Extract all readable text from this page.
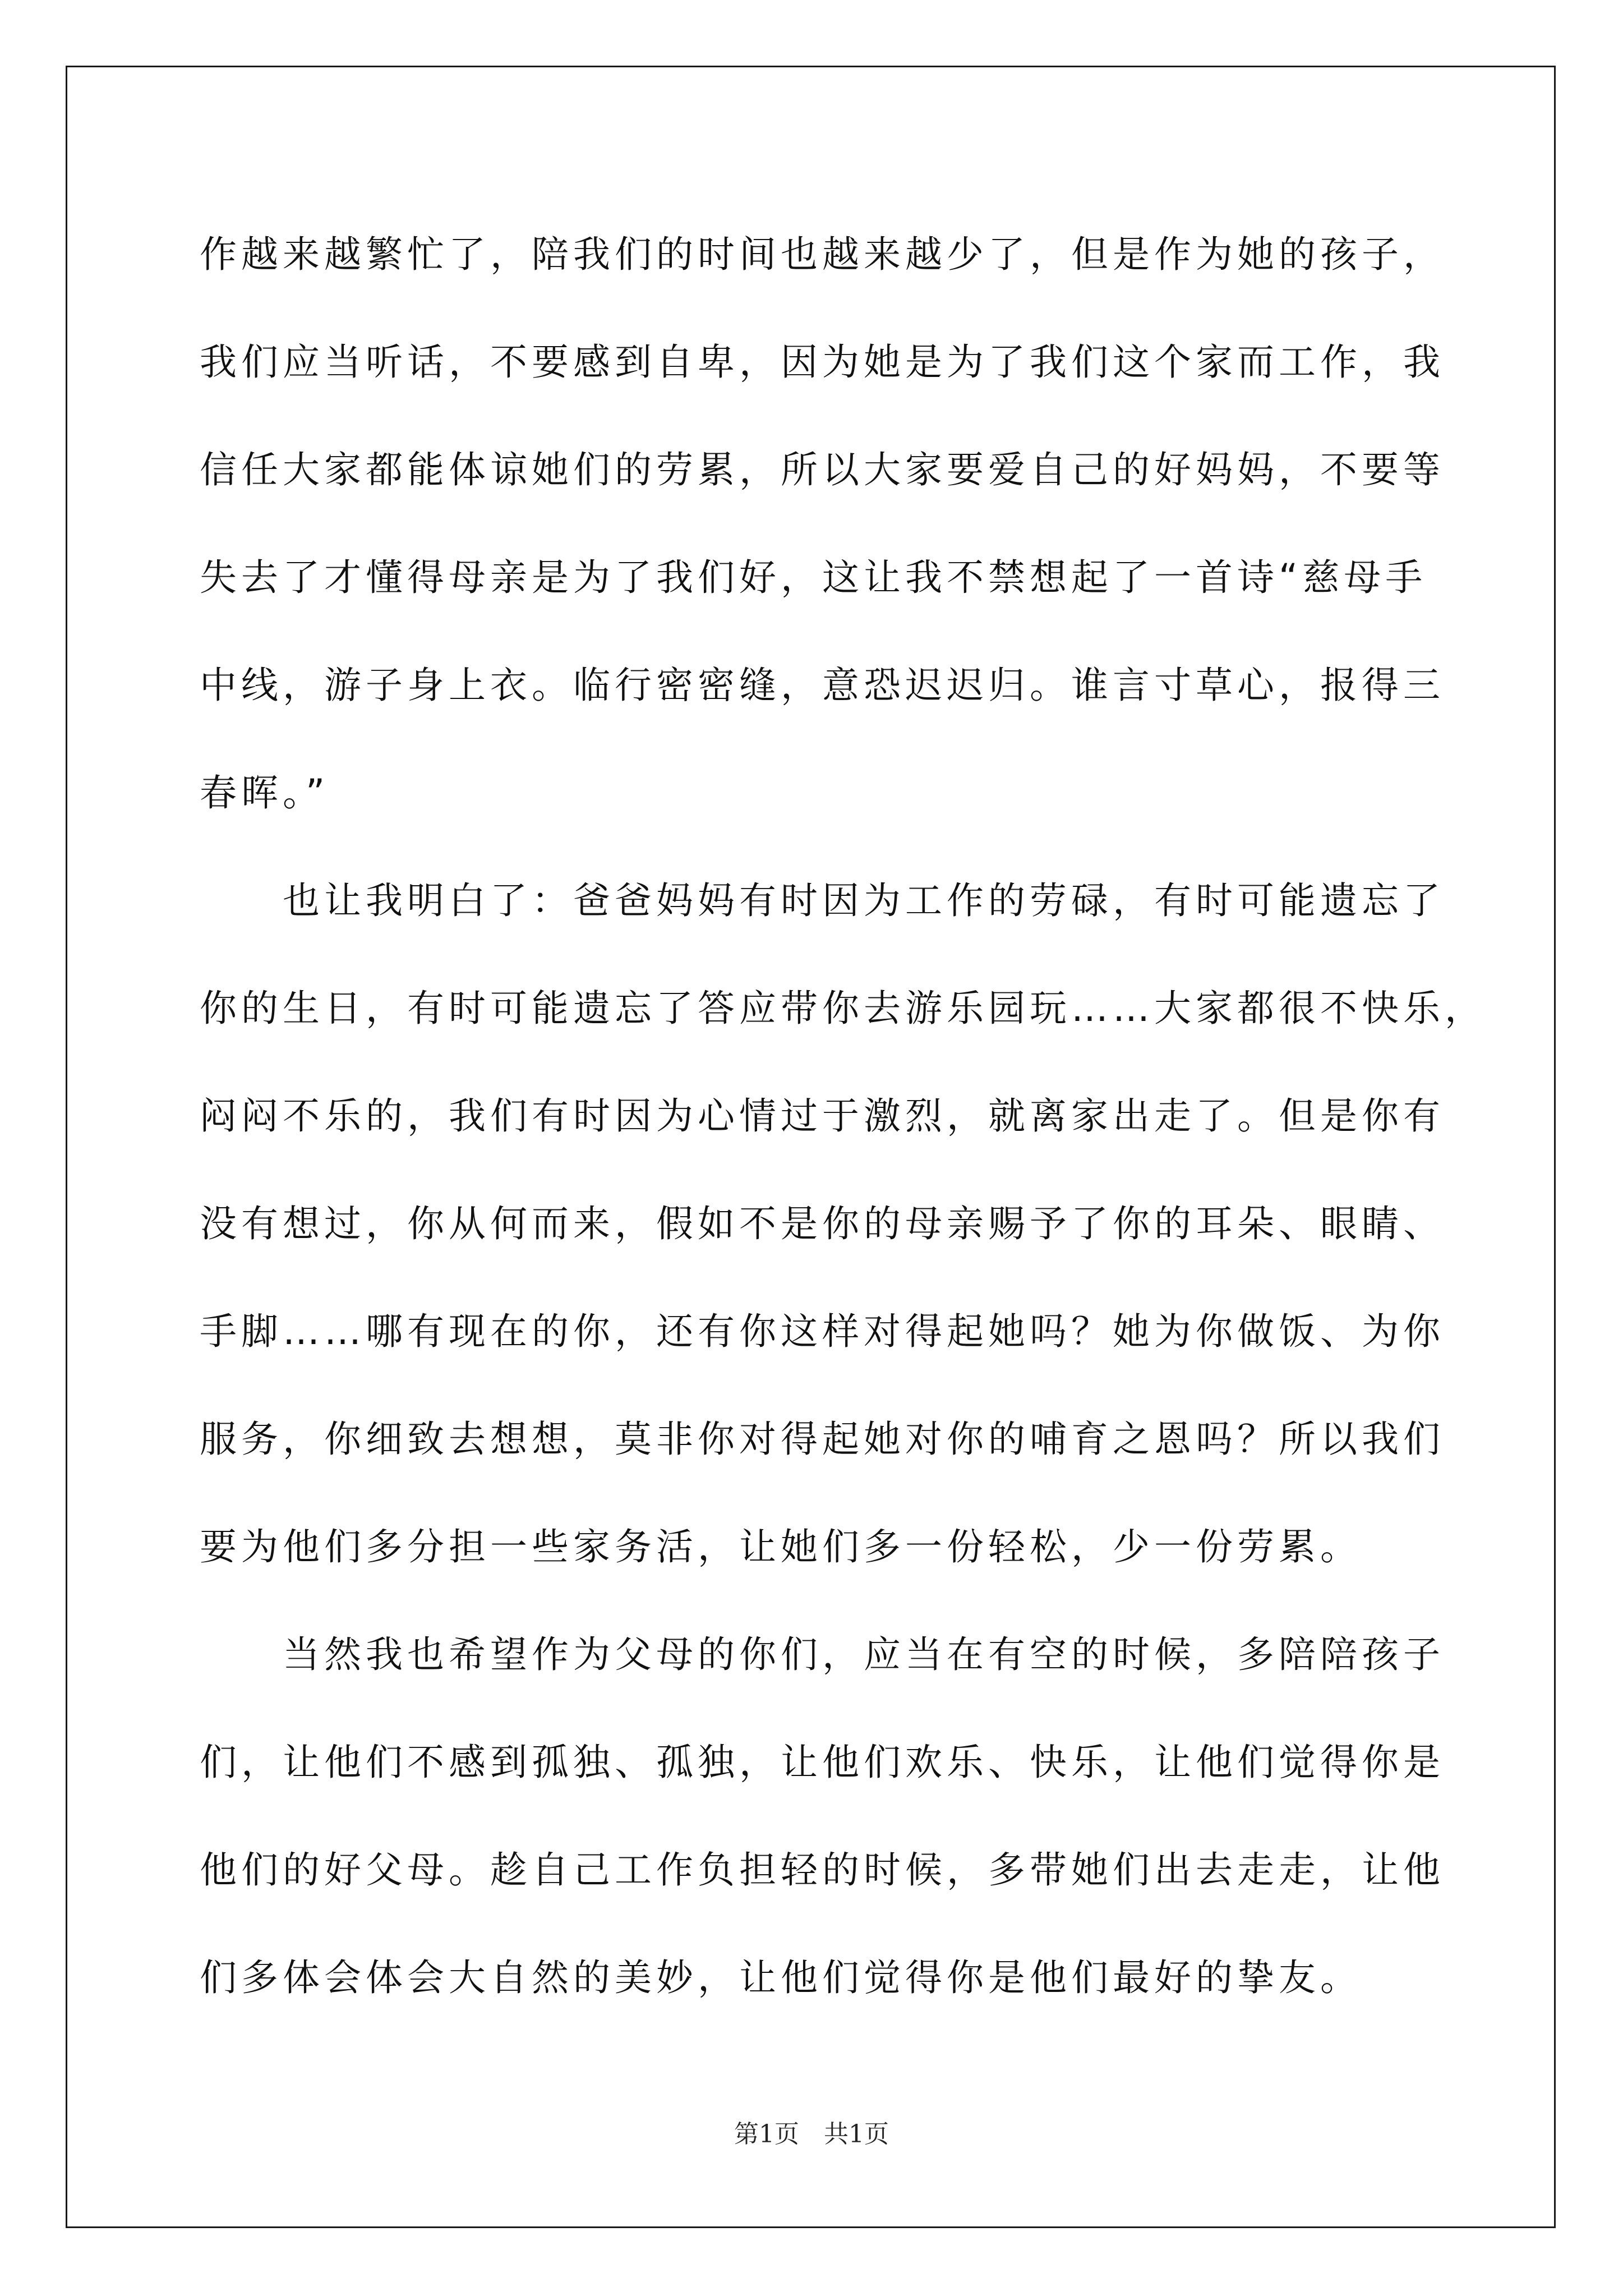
作越来越繁忙了，陪我们的时间也越来越少了，但是作为她的孩子，
我们应当听话，不要感到自卑，因为她是为了我们这个家而工作，我
信任大家都能体谅她们的劳累，所以大家要爱自己的好妈妈，不要等
失去了才懂得母亲是为了我们好，这让我不禁想起了一首诗“慈母手
中线，游子身上衣。临行密密缝，意恐迟迟归。谁言寸草心，报得三
春晖。”
　　也让我明白了：爸爸妈妈有时因为工作的劳碌，有时可能遗忘了
你的生日，有时可能遗忘了答应带你去游乐园玩……大家都很不快乐，
闷闷不乐的，我们有时因为心情过于激烈，就离家出走了。但是你有
没有想过，你从何而来，假如不是你的母亲赐予了你的耳朵、眼睛、
手脚……哪有现在的你，还有你这样对得起她吗？她为你做饭、为你
服务，你细致去想想，莫非你对得起她对你的哺育之恩吗？所以我们
要为他们多分担一些家务活，让她们多一份轻松，少一份劳累。
　　当然我也希望作为父母的你们，应当在有空的时候，多陪陪孩子
们，让他们不感到孤独、孤独，让他们欢乐、快乐，让他们觉得你是
他们的好父母。趁自己工作负担轻的时候，多带她们出去走走，让他
们多体会体会大自然的美妙，让他们觉得你是他们最好的挚友。
第1页 共1页
